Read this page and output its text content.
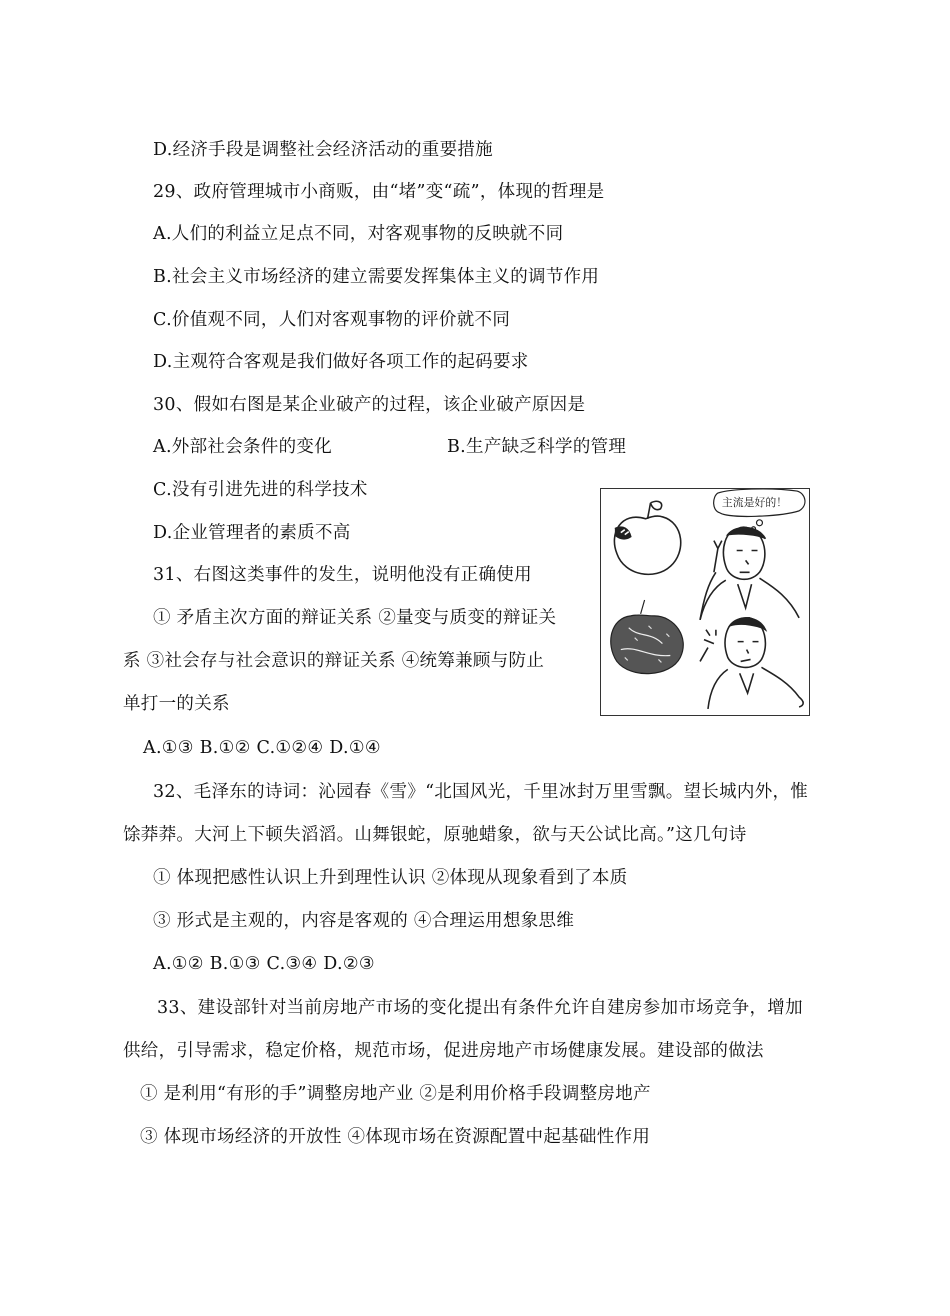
D.经济手段是调整社会经济活动的重要措施
29、政府管理城市小商贩，由“堵”变“疏”，体现的哲理是
A.人们的利益立足点不同，对客观事物的反映就不同
B.社会主义市场经济的建立需要发挥集体主义的调节作用
C.价值观不同，人们对客观事物的评价就不同
D.主观符合客观是我们做好各项工作的起码要求
30、假如右图是某企业破产的过程，该企业破产原因是
A.外部社会条件的变化	B.生产缺乏科学的管理
C.没有引进先进的科学技术
D.企业管理者的素质不高
31、右图这类事件的发生，说明他没有正确使用
① 矛盾主次方面的辩证关系 ②量变与质变的辩证关
系 ③社会存与社会意识的辩证关系 ④统筹兼顾与防止
单打一的关系
A.①③ B.①② C.①②④ D.①④
32、毛泽东的诗词：沁园春《雪》“北国风光，千里冰封万里雪飘。望长城内外，惟
馀莽莽。大河上下顿失滔滔。山舞银蛇，原驰蜡象，欲与天公试比高。”这几句诗
① 体现把感性认识上升到理性认识 ②体现从现象看到了本质
③ 形式是主观的，内容是客观的 ④合理运用想象思维
A.①② B.①③ C.③④ D.②③
33、建设部针对当前房地产市场的变化提出有条件允许自建房参加市场竞争，增加
供给，引导需求，稳定价格，规范市场，促进房地产市场健康发展。建设部的做法
① 是利用“有形的手”调整房地产业 ②是利用价格手段调整房地产
③ 体现市场经济的开放性 ④体现市场在资源配置中起基础性作用
主流是好的！
